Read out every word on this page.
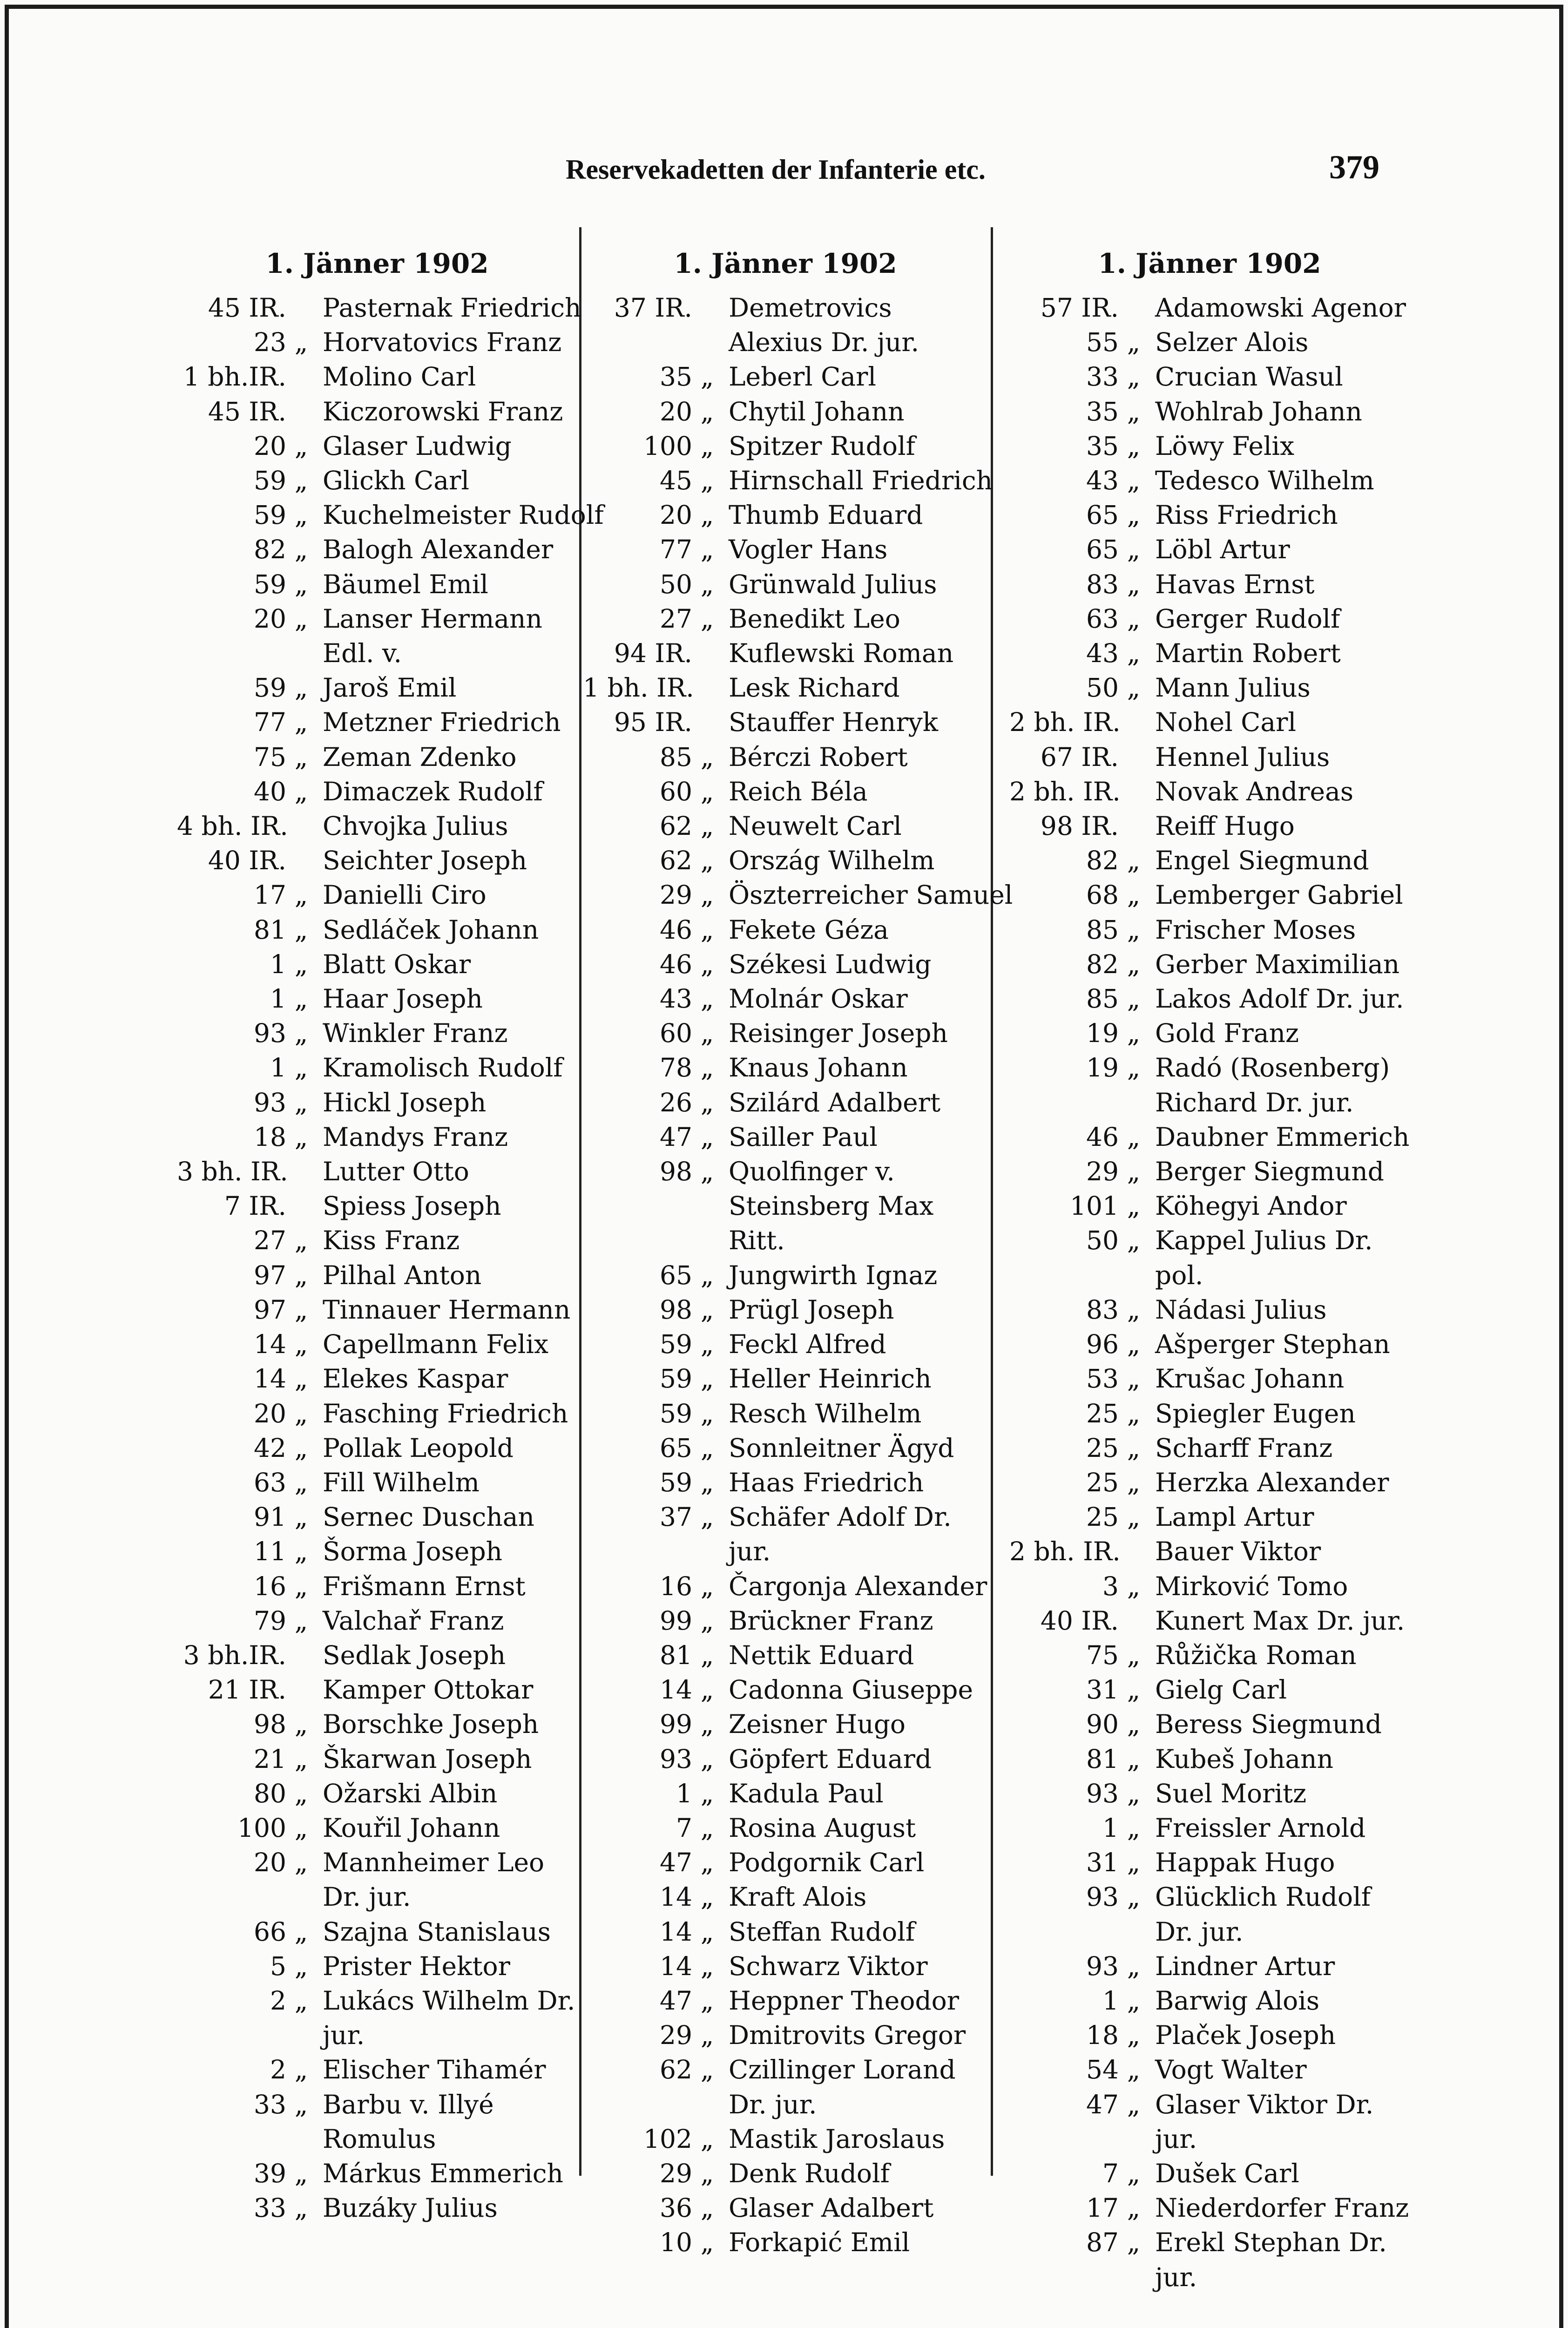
Reservekadetten der Infanterie etc.	379
1. Jänner 1902
45 IR. Pasternak Friedrich
23 „ Horvatovics Franz
1 bh.IR. Molino Carl
45 IR. Kiczorowski Franz
20 „ Glaser Ludwig
59 „ Glickh Carl
59 „ Kuchelmeister Rudolf
82 „ Balogh Alexander
59 „ Bäumel Emil
20 „ Lanser Hermann Edl. v.
59 „ Jaroš Emil
77 „ Metzner Friedrich
75 „ Zeman Zdenko
40 „ Dimaczek Rudolf
4 bh. IR. Chvojka Julius
40 IR. Seichter Joseph
17 „ Danielli Ciro
81 „ Sedláček Johann
1 „ Blatt Oskar
1 „ Haar Joseph
93 „ Winkler Franz
1 „ Kramolisch Rudolf
93 „ Hickl Joseph
18 „ Mandys Franz
3 bh. IR. Lutter Otto
7 IR. Spiess Joseph
27 „ Kiss Franz
97 „ Pilhal Anton
97 „ Tinnauer Hermann
14 „ Capellmann Felix
14 „ Elekes Kaspar
20 „ Fasching Friedrich
42 „ Pollak Leopold
63 „ Fill Wilhelm
91 „ Sernec Duschan
11 „ Šorma Joseph
16 „ Frišmann Ernst
79 „ Valchař Franz
3 bh.IR. Sedlak Joseph
21 IR. Kamper Ottokar
98 „ Borschke Joseph
21 „ Škarwan Joseph
80 „ Ožarski Albin
100 „ Kouřil Johann
20 „ Mannheimer Leo Dr. jur.
66 „ Szajna Stanislaus
5 „ Prister Hektor
2 „ Lukács Wilhelm Dr. jur.
2 „ Elischer Tihamér
33 „ Barbu v. Illyé Romulus
39 „ Márkus Emmerich
33 „ Buzáky Julius
1. Jänner 1902
37 IR. Demetrovics Alexius Dr. jur.
35 „ Leberl Carl
20 „ Chytil Johann
100 „ Spitzer Rudolf
45 „ Hirnschall Friedrich
20 „ Thumb Eduard
77 „ Vogler Hans
50 „ Grünwald Julius
27 „ Benedikt Leo
94 IR. Kuflewski Roman
1 bh. IR. Lesk Richard
95 IR. Stauffer Henryk
85 „ Bérczi Robert
60 „ Reich Béla
62 „ Neuwelt Carl
62 „ Ország Wilhelm
29 „ Öszterreicher Samuel
46 „ Fekete Géza
46 „ Székesi Ludwig
43 „ Molnár Oskar
60 „ Reisinger Joseph
78 „ Knaus Johann
26 „ Szilárd Adalbert
47 „ Sailler Paul
98 „ Quolfinger v. Steinsberg Max Ritt.
65 „ Jungwirth Ignaz
98 „ Prügl Joseph
59 „ Feckl Alfred
59 „ Heller Heinrich
59 „ Resch Wilhelm
65 „ Sonnleitner Ägyd
59 „ Haas Friedrich
37 „ Schäfer Adolf Dr. jur.
16 „ Čargonja Alexander
99 „ Brückner Franz
81 „ Nettik Eduard
14 „ Cadonna Giuseppe
99 „ Zeisner Hugo
93 „ Göpfert Eduard
1 „ Kadula Paul
7 „ Rosina August
47 „ Podgornik Carl
14 „ Kraft Alois
14 „ Steffan Rudolf
14 „ Schwarz Viktor
47 „ Heppner Theodor
29 „ Dmitrovits Gregor
62 „ Czillinger Lorand Dr. jur.
102 „ Mastik Jaroslaus
29 „ Denk Rudolf
36 „ Glaser Adalbert
10 „ Forkapić Emil
1. Jänner 1902
57 IR. Adamowski Agenor
55 „ Selzer Alois
33 „ Crucian Wasul
35 „ Wohlrab Johann
35 „ Löwy Felix
43 „ Tedesco Wilhelm
65 „ Riss Friedrich
65 „ Löbl Artur
83 „ Havas Ernst
63 „ Gerger Rudolf
43 „ Martin Robert
50 „ Mann Julius
2 bh. IR. Nohel Carl
67 IR. Hennel Julius
2 bh. IR. Novak Andreas
98 IR. Reiff Hugo
82 „ Engel Siegmund
68 „ Lemberger Gabriel
85 „ Frischer Moses
82 „ Gerber Maximilian
85 „ Lakos Adolf Dr. jur.
19 „ Gold Franz
19 „ Radó (Rosenberg) Richard Dr. jur.
46 „ Daubner Emmerich
29 „ Berger Siegmund
101 „ Köhegyi Andor
50 „ Kappel Julius Dr. pol.
83 „ Nádasi Julius
96 „ Ašperger Stephan
53 „ Krušac Johann
25 „ Spiegler Eugen
25 „ Scharff Franz
25 „ Herzka Alexander
25 „ Lampl Artur
2 bh. IR. Bauer Viktor
3 „ Mirković Tomo
40 IR. Kunert Max Dr. jur.
75 „ Růžička Roman
31 „ Gielg Carl
90 „ Beress Siegmund
81 „ Kubeš Johann
93 „ Suel Moritz
1 „ Freissler Arnold
31 „ Happak Hugo
93 „ Glücklich Rudolf Dr. jur.
93 „ Lindner Artur
1 „ Barwig Alois
18 „ Plaček Joseph
54 „ Vogt Walter
47 „ Glaser Viktor Dr. jur.
7 „ Dušek Carl
17 „ Niederdorfer Franz
87 „ Erekl Stephan Dr. jur.
